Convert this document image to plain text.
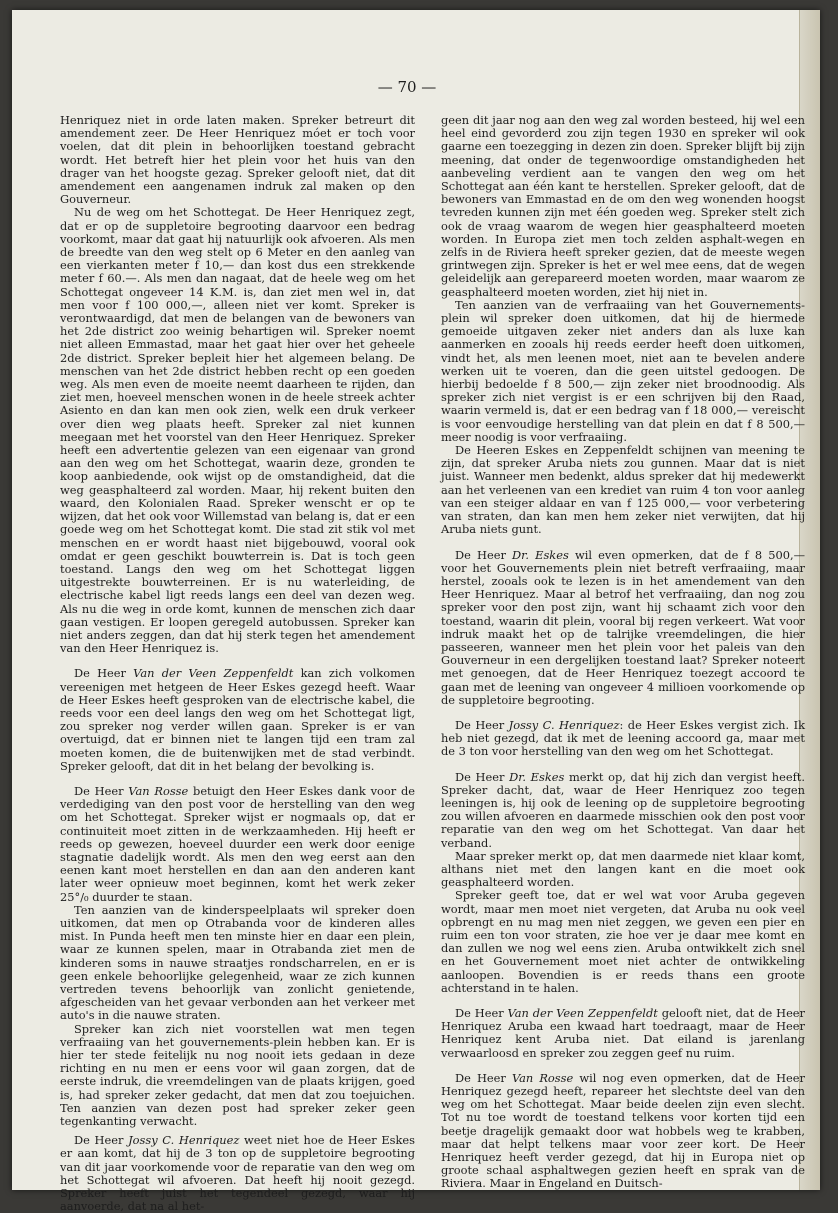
— 70 —

Henriquez niet in orde laten maken. Spreker betreurt dit amendement zeer. De Heer Henriquez móet er toch voor voelen, dat dit plein in behoorlijken toestand gebracht wordt. Het betreft hier het plein voor het huis van den drager van het hoogste gezag. Spreker gelooft niet, dat dit amendement een aangenamen indruk zal maken op den Gouverneur.

Nu de weg om het Schottegat. De Heer Henriquez zegt, dat er op de suppletoire begrooting daarvoor een bedrag voorkomt, maar dat gaat hij natuurlijk ook afvoeren. Als men de breedte van den weg stelt op 6 Meter en den aanleg van een vierkanten meter f 10,— dan kost dus een strekkende meter f 60.—. Als men dan nagaat, dat de heele weg om het Schottegat ongeveer 14 K.M. is, dan ziet men wel in, dat men voor f 100 000,—, alleen niet ver komt. Spreker is verontwaardigd, dat men de belangen van de bewoners van het 2de district zoo weinig behartigen wil. Spreker noemt niet alleen Emmastad, maar het gaat hier over het geheele 2de district. Spreker bepleit hier het algemeen belang. De menschen van het 2de district hebben recht op een goeden weg. Als men even de moeite neemt daarheen te rijden, dan ziet men, hoeveel menschen wonen in de heele streek achter Asiento en dan kan men ook zien, welk een druk verkeer over dien weg plaats heeft. Spreker zal niet kunnen meegaan met het voorstel van den Heer Henriquez. Spreker heeft een advertentie gelezen van een eigenaar van grond aan den weg om het Schottegat, waarin deze, gronden te koop aanbiedende, ook wijst op de omstandigheid, dat die weg geasphalteerd zal worden. Maar, hij rekent buiten den waard, den Kolonialen Raad. Spreker wenscht er op te wijzen, dat het ook voor Willemstad van belang is, dat er een goede weg om het Schottegat komt. Die stad zit stik vol met menschen en er wordt haast niet bijgebouwd, vooral ook omdat er geen geschikt bouwterrein is. Dat is toch geen toestand. Langs den weg om het Schottegat liggen uitgestrekte bouwterreinen. Er is nu waterleiding, de electrische kabel ligt reeds langs een deel van dezen weg. Als nu die weg in orde komt, kunnen de menschen zich daar gaan vestigen. Er loopen geregeld autobussen. Spreker kan niet anders zeggen, dan dat hij sterk tegen het amendement van den Heer Henriquez is.

De Heer Van der Veen Zeppenfeldt kan zich volkomen vereenigen met hetgeen de Heer Eskes gezegd heeft. Waar de Heer Eskes heeft gesproken van de electrische kabel, die reeds voor een deel langs den weg om het Schottegat ligt, zou spreker nog verder willen gaan. Spreker is er van overtuigd, dat er binnen niet te langen tijd een tram zal moeten komen, die de buitenwijken met de stad verbindt. Spreker gelooft, dat dit in het belang der bevolking is.

De Heer Van Rosse betuigt den Heer Eskes dank voor de verdediging van den post voor de herstelling van den weg om het Schottegat. Spreker wijst er nogmaals op, dat er continuiteit moet zitten in de werkzaamheden. Hij heeft er reeds op gewezen, hoeveel duurder een werk door eenige stagnatie dadelijk wordt. Als men den weg eerst aan den eenen kant moet herstellen en dan aan den anderen kant later weer opnieuw moet beginnen, komt het werk zeker 25°/₀ duurder te staan.

Ten aanzien van de kinderspeelplaats wil spreker doen uitkomen, dat men op Otrabanda voor de kinderen alles mist. In Punda heeft men ten minste hier en daar een plein, waar ze kunnen spelen, maar in Otrabanda ziet men de kinderen soms in nauwe straatjes rondscharrelen, en er is geen enkele behoorlijke gelegenheid, waar ze zich kunnen vertreden tevens behoorlijk van zonlicht genietende, afgescheiden van het gevaar verbonden aan het verkeer met auto's in die nauwe straten.

Spreker kan zich niet voorstellen wat men tegen verfraaiing van het gouvernements-plein hebben kan. Er is hier ter stede feitelijk nu nog nooit iets gedaan in deze richting en nu men er eens voor wil gaan zorgen, dat de eerste indruk, die vreemdelingen van de plaats krijgen, goed is, had spreker zeker gedacht, dat men dat zou toejuichen. Ten aanzien van dezen post had spreker zeker geen tegenkanting verwacht.

De Heer Jossy C. Henriquez weet niet hoe de Heer Eskes er aan komt, dat hij de 3 ton op de suppletoire begrooting van dit jaar voorkomende voor de reparatie van den weg om het Schottegat wil afvoeren. Dat heeft hij nooit gezegd. Spreker heeft juist het tegendeel gezegd, waar hij aanvoerde, dat na al het-

geen dit jaar nog aan den weg zal worden besteed, hij wel een heel eind gevorderd zou zijn tegen 1930 en spreker wil ook gaarne een toezegging in dezen zin doen. Spreker blijft bij zijn meening, dat onder de tegenwoordige omstandigheden het aanbeveling verdient aan te vangen den weg om het Schottegat aan één kant te herstellen. Spreker gelooft, dat de bewoners van Emmastad en de om den weg wonenden hoogst tevreden kunnen zijn met één goeden weg. Spreker stelt zich ook de vraag waarom de wegen hier geasphalteerd moeten worden. In Europa ziet men toch zelden asphalt-wegen en zelfs in de Riviera heeft spreker gezien, dat de meeste wegen grintwegen zijn. Spreker is het er wel mee eens, dat de wegen geleidelijk aan gerepareerd moeten worden, maar waarom ze geasphalteerd moeten worden, ziet hij niet in.

Ten aanzien van de verfraaiing van het Gouvernements-plein wil spreker doen uitkomen, dat hij de hiermede gemoeide uitgaven zeker niet anders dan als luxe kan aanmerken en zooals hij reeds eerder heeft doen uitkomen, vindt het, als men leenen moet, niet aan te bevelen andere werken uit te voeren, dan die geen uitstel gedoogen. De hierbij bedoelde f 8 500,— zijn zeker niet broodnoodig. Als spreker zich niet vergist is er een schrijven bij den Raad, waarin vermeld is, dat er een bedrag van f 18 000,— vereischt is voor eenvoudige herstelling van dat plein en dat f 8 500,— meer noodig is voor verfraaiing.

De Heeren Eskes en Zeppenfeldt schijnen van meening te zijn, dat spreker Aruba niets zou gunnen. Maar dat is niet juist. Wanneer men bedenkt, aldus spreker dat hij medewerkt aan het verleenen van een krediet van ruim 4 ton voor aanleg van een steiger aldaar en van f 125 000,— voor verbetering van straten, dan kan men hem zeker niet verwijten, dat hij Aruba niets gunt.

De Heer Dr. Eskes wil even opmerken, dat de f 8 500,— voor het Gouvernements plein niet betreft verfraaiing, maar herstel, zooals ook te lezen is in het amendement van den Heer Henriquez. Maar al betrof het verfraaiing, dan nog zou spreker voor den post zijn, want hij schaamt zich voor den toestand, waarin dit plein, vooral bij regen verkeert. Wat voor indruk maakt het op de talrijke vreemdelingen, die hier passeeren, wanneer men het plein voor het paleis van den Gouverneur in een dergelijken toestand laat? Spreker noteert met genoegen, dat de Heer Henriquez toezegt accoord te gaan met de leening van ongeveer 4 millioen voorkomende op de suppletoire begrooting.

De Heer Jossy C. Henriquez: de Heer Eskes vergist zich. Ik heb niet gezegd, dat ik met de leening accoord ga, maar met de 3 ton voor herstelling van den weg om het Schottegat.

De Heer Dr. Eskes merkt op, dat hij zich dan vergist heeft. Spreker dacht, dat, waar de Heer Henriquez zoo tegen leeningen is, hij ook de leening op de suppletoire begrooting zou willen afvoeren en daarmede misschien ook den post voor reparatie van den weg om het Schottegat. Van daar het verband.

Maar spreker merkt op, dat men daarmede niet klaar komt, althans niet met den langen kant en die moet ook geasphalteerd worden.

Spreker geeft toe, dat er wel wat voor Aruba gegeven wordt, maar men moet niet vergeten, dat Aruba nu ook veel opbrengt en nu mag men niet zeggen, we geven een pier en ruim een ton voor straten, zie hoe ver je daar mee komt en dan zullen we nog wel eens zien. Aruba ontwikkelt zich snel en het Gouvernement moet niet achter de ontwikkeling aanloopen. Bovendien is er reeds thans een groote achterstand in te halen.

De Heer Van der Veen Zeppenfeldt gelooft niet, dat de Heer Henriquez Aruba een kwaad hart toedraagt, maar de Heer Henriquez kent Aruba niet. Dat eiland is jarenlang verwaarloosd en spreker zou zeggen geef nu ruim.

De Heer Van Rosse wil nog even opmerken, dat de Heer Henriquez gezegd heeft, repareer het slechtste deel van den weg om het Schottegat. Maar beide deelen zijn even slecht. Tot nu toe wordt de toestand telkens voor korten tijd een beetje dragelijk gemaakt door wat hobbels weg te krabben, maar dat helpt telkens maar voor zeer kort. De Heer Henriquez heeft verder gezegd, dat hij in Europa niet op groote schaal asphaltwegen gezien heeft en sprak van de Riviera. Maar in Engeland en Duitsch-
